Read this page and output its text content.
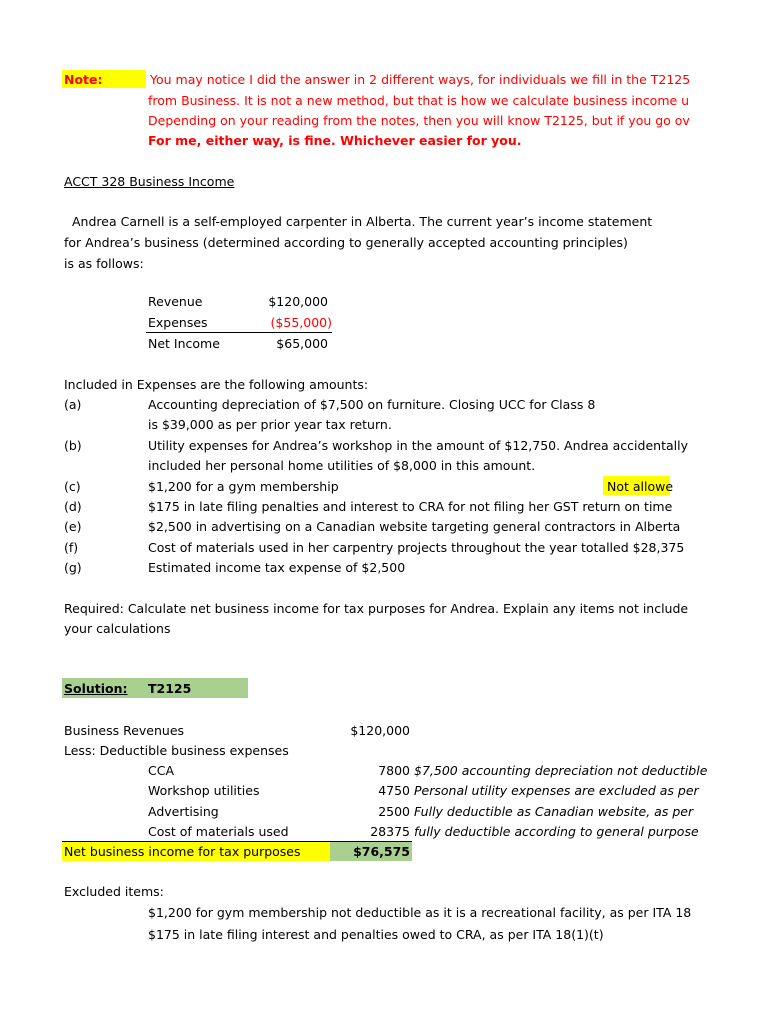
Note:	You may notice I did the answer in 2 different ways, for individuals we fill in the T2125
from Business. It is not a new method, but that is how we calculate business income u
Depending on your reading from the notes, then you will know T2125, but if you go ov
For me, either way, is fine. Whichever easier for you.
ACCT 328 Business Income
Andrea Carnell is a self-employed carpenter in Alberta. The current year’s income statement
for Andrea’s business (determined according to generally accepted accounting principles)
is as follows:
Revenue	$120,000
Expenses	($55,000)
Net Income	$65,000
Included in Expenses are the following amounts:
(a)	Accounting depreciation of $7,500 on furniture. Closing UCC for Class 8
is $39,000 as per prior year tax return.
(b)	Utility expenses for Andrea’s workshop in the amount of $12,750. Andrea accidentally
included her personal home utilities of $8,000 in this amount.
(c)	$1,200 for a gym membership	Not allowe
(d)	$175 in late filing penalties and interest to CRA for not filing her GST return on time
(e)	$2,500 in advertising on a Canadian website targeting general contractors in Alberta
(f)	Cost of materials used in her carpentry projects throughout the year totalled $28,375
(g)	Estimated income tax expense of $2,500
Required: Calculate net business income for tax purposes for Andrea. Explain any items not include
your calculations
Solution: T2125
Business Revenues	$120,000
Less: Deductible business expenses
CCA	7800 $7,500 accounting depreciation not deductible
Workshop utilities	4750 Personal utility expenses are excluded as per
Advertising	2500 Fully deductible as Canadian website, as per
Cost of materials used	28375 fully deductible according to general purpose
Net business income for tax purposes	$76,575
Excluded items:
$1,200 for gym membership not deductible as it is a recreational facility, as per ITA 18
$175 in late filing interest and penalties owed to CRA, as per ITA 18(1)(t)
